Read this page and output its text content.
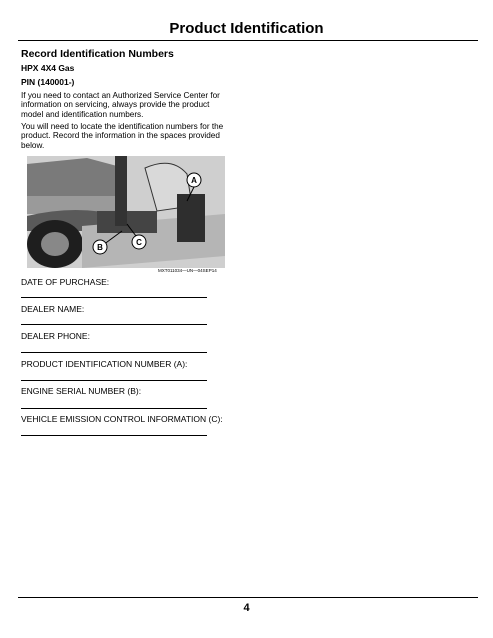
Product Identification
Record Identification Numbers
HPX 4X4 Gas
PIN (140001-)
If you need to contact an Authorized Service Center for information on servicing, always provide the product model and identification numbers.
You will need to locate the identification numbers for the product. Record the information in the spaces provided below.
A
B
C
MXT011034—UN—04SEP14
DATE OF PURCHASE:
DEALER NAME:
DEALER PHONE:
PRODUCT IDENTIFICATION NUMBER (A):
ENGINE SERIAL NUMBER (B):
VEHICLE EMISSION CONTROL INFORMATION (C):
4
